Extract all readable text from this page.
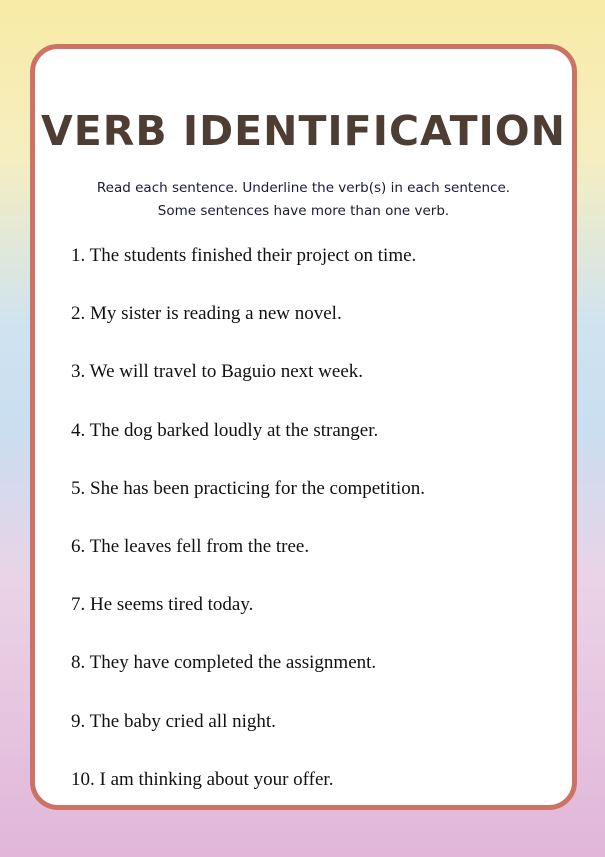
VERB IDENTIFICATION
Read each sentence. Underline the verb(s) in each sentence.
Some sentences have more than one verb.
1. The students finished their project on time.
2. My sister is reading a new novel.
3. We will travel to Baguio next week.
4. The dog barked loudly at the stranger.
5. She has been practicing for the competition.
6. The leaves fell from the tree.
7. He seems tired today.
8. They have completed the assignment.
9. The baby cried all night.
10. I am thinking about your offer.
